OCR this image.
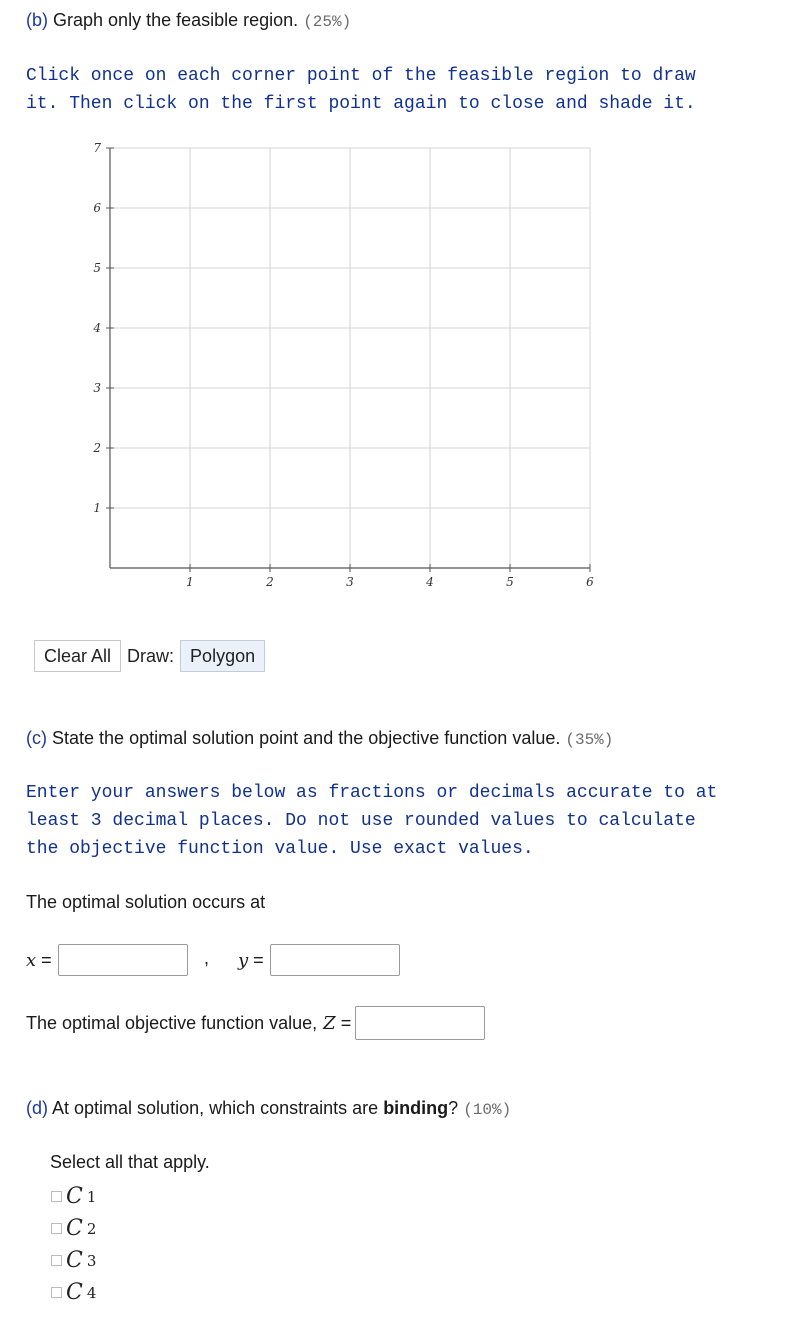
(b) Graph only the feasible region. (25%)
Click once on each corner point of the feasible region to draw
it. Then click on the first point again to close and shade it.
1	2	3	4	5	6
1
2
3
4
5
6
7
Clear All Draw: Polygon
(c) State the optimal solution point and the objective function value. (35%)
Enter your answers below as fractions or decimals accurate to at
least 3 decimal places. Do not use rounded values to calculate
the objective function value. Use exact values.
The optimal solution occurs at
x =	, y =
The optimal objective function value, Z =
(d) At optimal solution, which constraints are binding? (10%)
Select all that apply.
C 1
C 2
C 3
C 4
